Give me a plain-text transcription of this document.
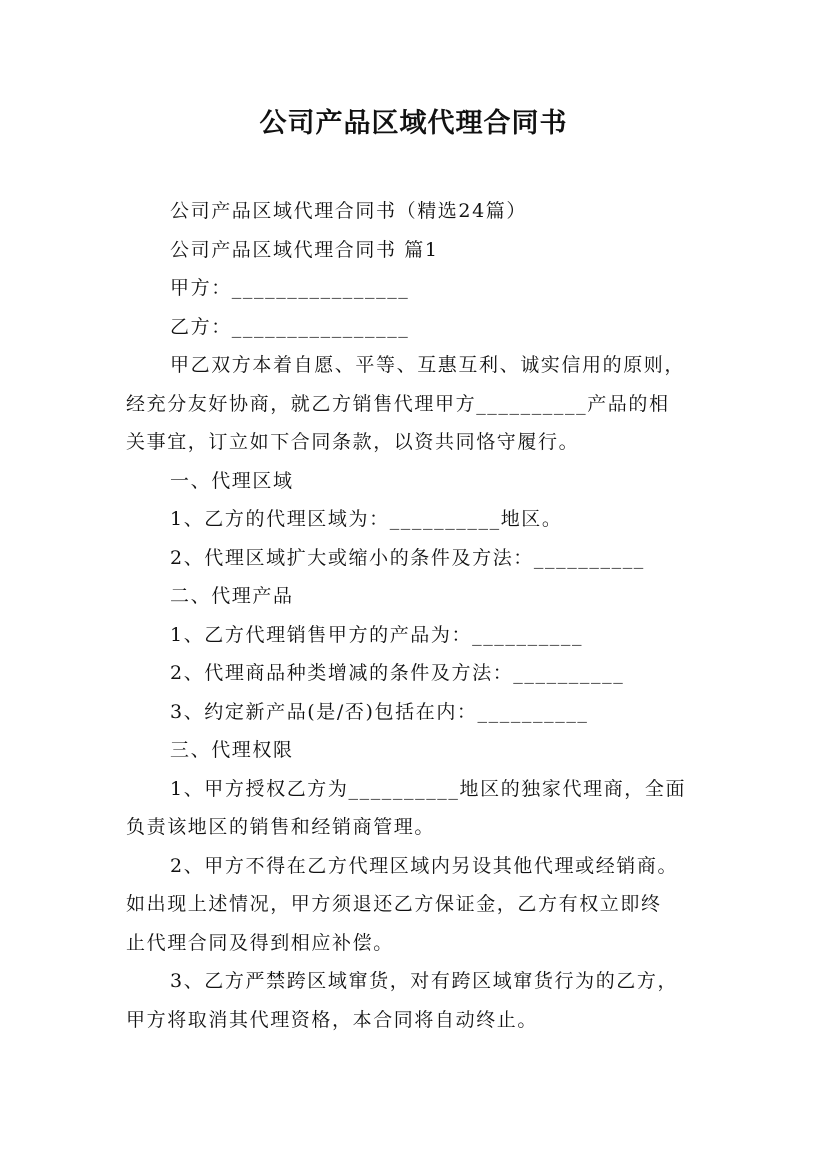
公司产品区域代理合同书

公司产品区域代理合同书（精选24篇）

公司产品区域代理合同书 篇1

甲方：________________

乙方：________________

甲乙双方本着自愿、平等、互惠互利、诚实信用的原则，

经充分友好协商，就乙方销售代理甲方__________产品的相

关事宜，订立如下合同条款，以资共同恪守履行。

一、代理区域

1、乙方的代理区域为：__________地区。

2、代理区域扩大或缩小的条件及方法：__________

二、代理产品

1、乙方代理销售甲方的产品为：__________

2、代理商品种类增减的条件及方法：__________

3、约定新产品(是/否)包括在内：__________

三、代理权限

1、甲方授权乙方为__________地区的独家代理商，全面

负责该地区的销售和经销商管理。

2、甲方不得在乙方代理区域内另设其他代理或经销商。

如出现上述情况，甲方须退还乙方保证金，乙方有权立即终

止代理合同及得到相应补偿。

3、乙方严禁跨区域窜货，对有跨区域窜货行为的乙方，

甲方将取消其代理资格，本合同将自动终止。
